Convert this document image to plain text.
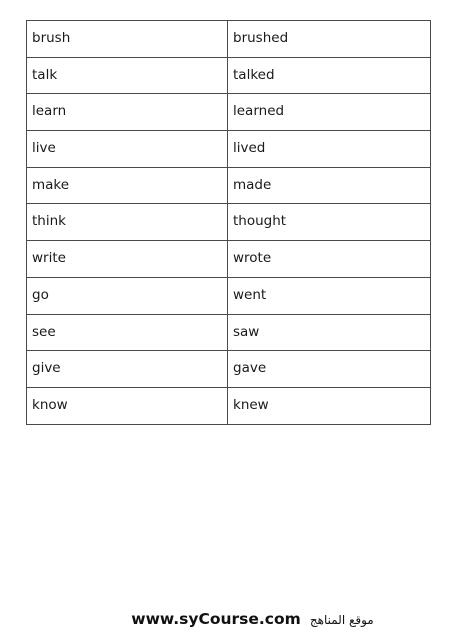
brush	brushed

talk	talked

learn	learned

live	lived

make	made

think	thought

write	wrote

go	went

see	saw

give	gave

know	knew
www.syCourse.com موقع المناهج
